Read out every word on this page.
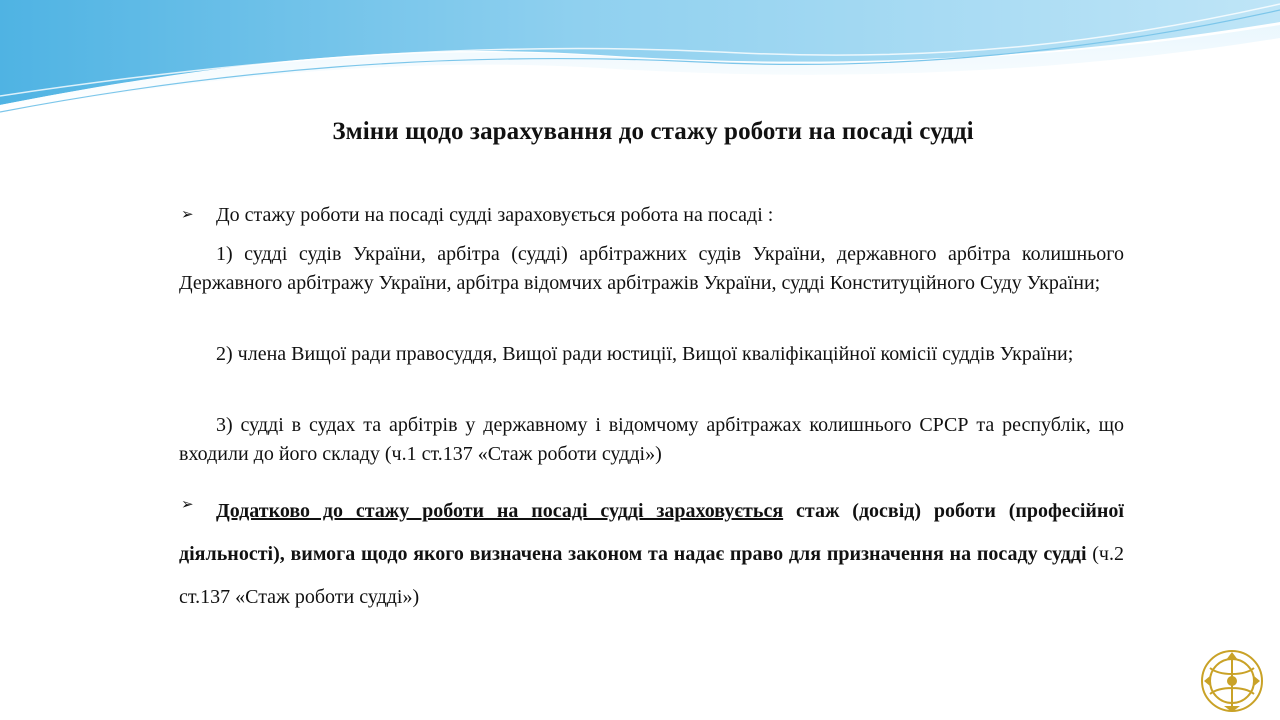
Зміни щодо зарахування до стажу роботи на посаді судді
➢ До стажу роботи на посаді судді зараховується робота на посаді :
1) судді судів України, арбітра (судді) арбітражних судів України, державного арбітра колишнього Державного арбітражу України, арбітра відомчих арбітражів України, судді Конституційного Суду України;
2) члена Вищої ради правосуддя, Вищої ради юстиції, Вищої кваліфікаційної комісії суддів України;
3) судді в судах та арбітрів у державному і відомчому арбітражах колишнього СРСР та республік, що входили до його складу (ч.1 ст.137 «Стаж роботи судді»)
➢	Додатково до стажу роботи на посаді судді зараховується стаж (досвід) роботи (професійної діяльності), вимога щодо якого визначена законом та надає право для призначення на посаду судді (ч.2 ст.137 «Стаж роботи судді»)
